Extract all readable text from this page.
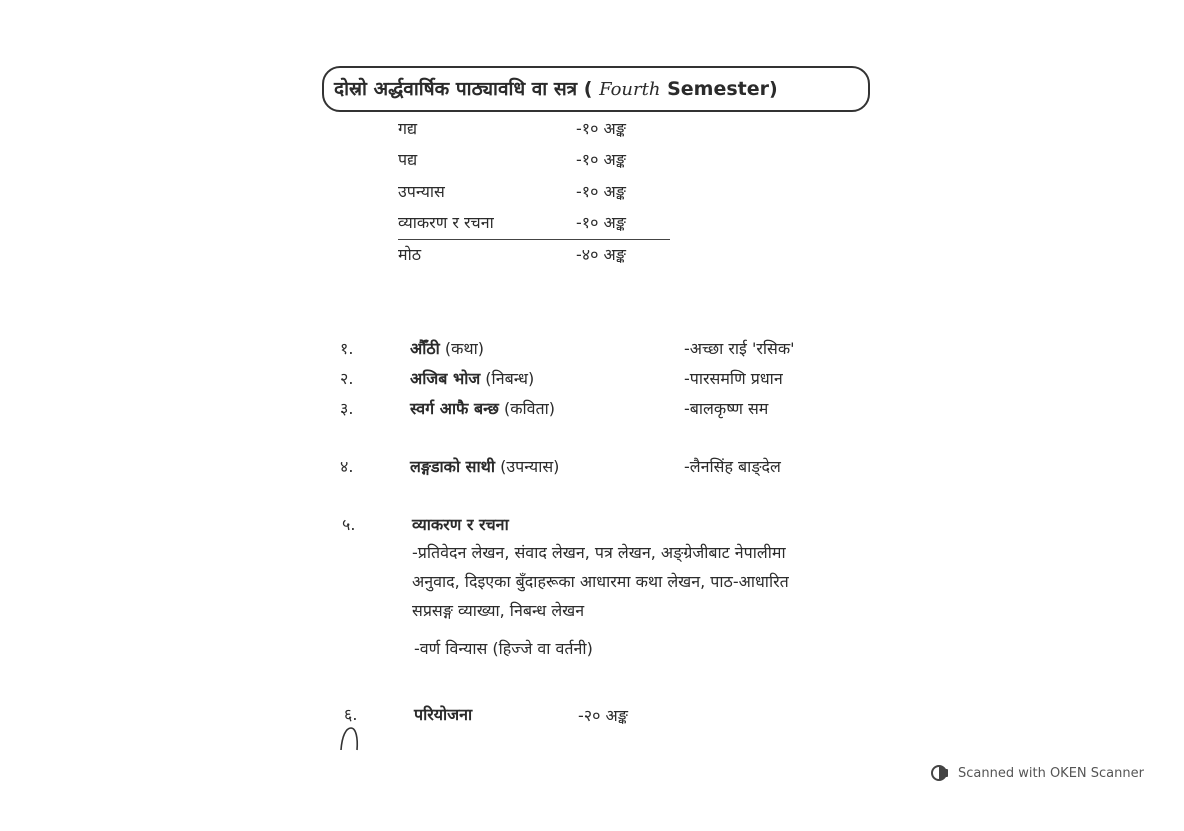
दोस्रो अर्द्धवार्षिक पाठ्यावधि वा सत्र ( Fourth Semester)
गद्य	-१० अङ्क
पद्य	-१० अङ्क
उपन्यास	-१० अङ्क
व्याकरण र रचना	-१० अङ्क
मोठ	-४० अङ्क
१.	औँठी (कथा)	-अच्छा राई 'रसिक'
२.	अजिब भोज (निबन्ध)	-पारसमणि प्रधान
३.	स्वर्ग आफै बन्छ (कविता)	-बालकृष्ण सम
४.	लङ्गडाको साथी (उपन्यास)	-लैनसिंह बाङ्देल
५.	व्याकरण र रचना
-प्रतिवेदन लेखन, संवाद लेखन, पत्र लेखन, अङ्ग्रेजीबाट नेपालीमा
अनुवाद, दिइएका बुँदाहरूका आधारमा कथा लेखन, पाठ-आधारित
सप्रसङ्ग व्याख्या, निबन्ध लेखन
-वर्ण विन्यास (हिज्जे वा वर्तनी)
६.	परियोजना	-२० अङ्क
Scanned with OKEN Scanner
